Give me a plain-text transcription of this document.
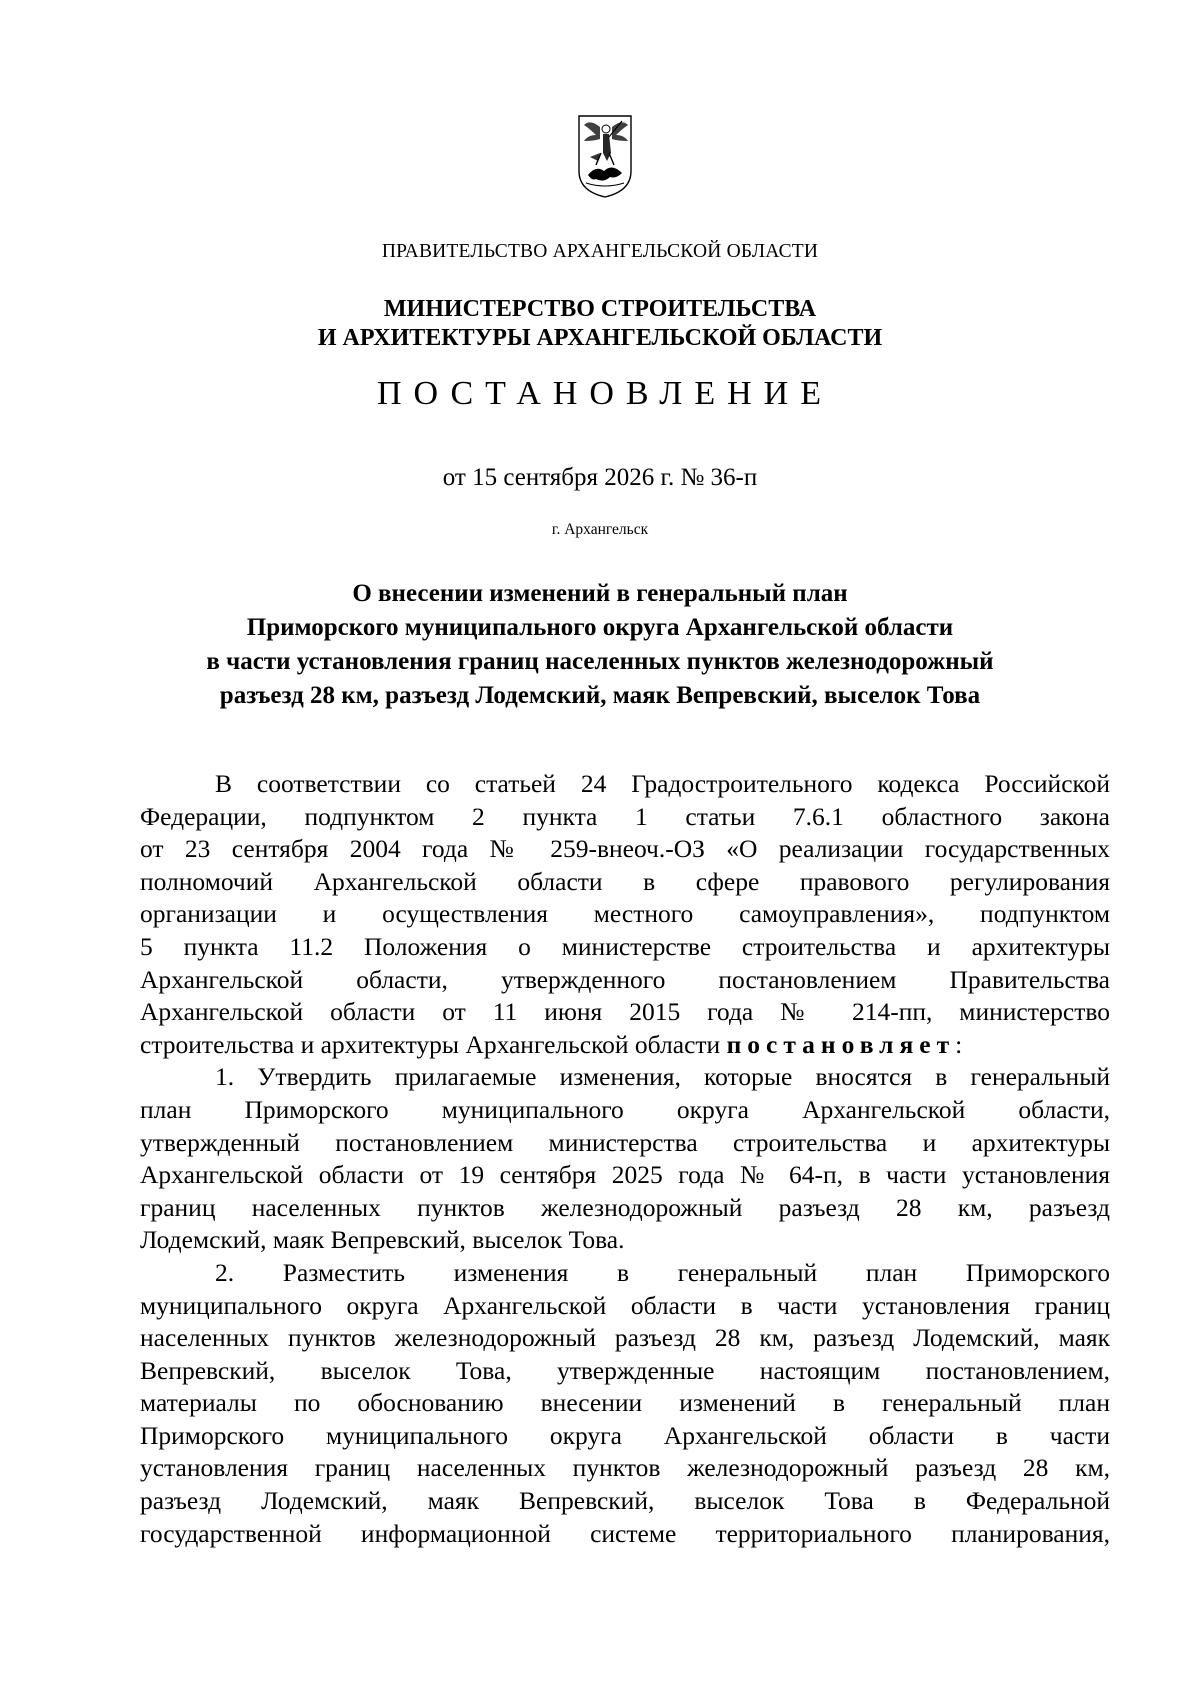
ПРАВИТЕЛЬСТВО АРХАНГЕЛЬСКОЙ ОБЛАСТИ
МИНИСТЕРСТВО СТРОИТЕЛЬСТВА
И АРХИТЕКТУРЫ АРХАНГЕЛЬСКОЙ ОБЛАСТИ
ПОСТАНОВЛЕНИЕ
от 15 сентября 2026 г. № 36-п
г. Архангельск
О внесении изменений в генеральный план
Приморского муниципального округа Архангельской области
в части установления границ населенных пунктов железнодорожный
разъезд 28 км, разъезд Лодемский, маяк Вепревский, выселок Това
В соответствии со статьей 24 Градостроительного кодекса Российской
Федерации, подпунктом 2 пункта 1 статьи 7.6.1 областного закона
от 23 сентября 2004 года № 259-внеоч.-ОЗ «О реализации государственных
полномочий Архангельской области в сфере правового регулирования
организации и осуществления местного самоуправления», подпунктом
5 пункта 11.2 Положения о министерстве строительства и архитектуры
Архангельской области, утвержденного постановлением Правительства
Архангельской области от 11 июня 2015 года № 214-пп, министерство
строительства и архитектуры Архангельской области постановляет:
1. Утвердить прилагаемые изменения, которые вносятся в генеральный
план Приморского муниципального округа Архангельской области,
утвержденный постановлением министерства строительства и архитектуры
Архангельской области от 19 сентября 2025 года № 64-п, в части установления
границ населенных пунктов железнодорожный разъезд 28 км, разъезд
Лодемский, маяк Вепревский, выселок Това.
2. Разместить изменения в генеральный план Приморского
муниципального округа Архангельской области в части установления границ
населенных пунктов железнодорожный разъезд 28 км, разъезд Лодемский, маяк
Вепревский, выселок Това, утвержденные настоящим постановлением,
материалы по обоснованию внесении изменений в генеральный план
Приморского муниципального округа Архангельской области в части
установления границ населенных пунктов железнодорожный разъезд 28 км,
разъезд Лодемский, маяк Вепревский, выселок Това в Федеральной
государственной информационной системе территориального планирования,
